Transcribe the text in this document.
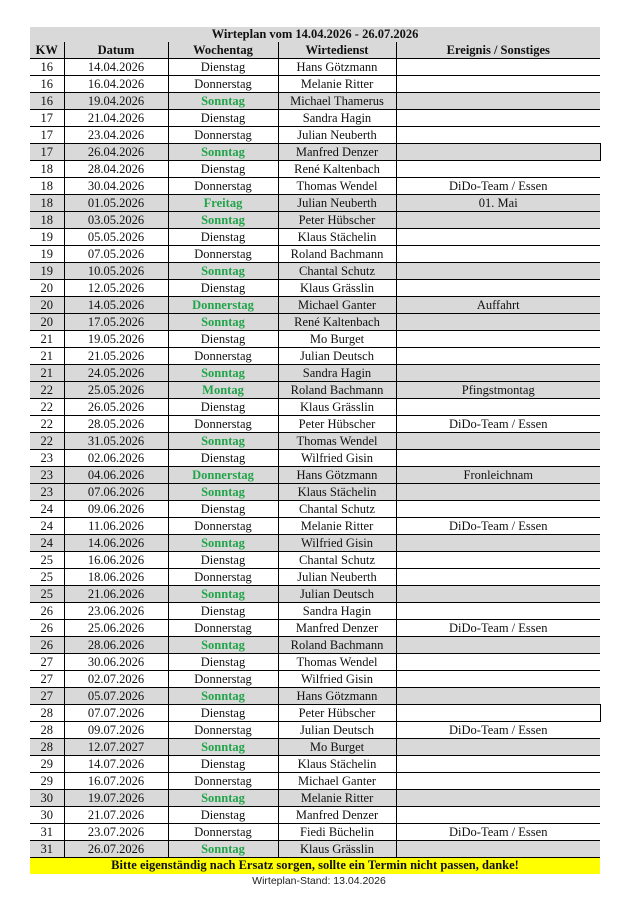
Wirteplan vom 14.04.2026 - 26.07.2026				
KW	Datum	Wochentag	Wirtedienst	Ereignis / Sonstiges
16	14.04.2026	Dienstag	Hans Götzmann	
16	16.04.2026	Donnerstag	Melanie Ritter	
16	19.04.2026	Sonntag	Michael Thamerus	
17	21.04.2026	Dienstag	Sandra Hagin	
17	23.04.2026	Donnerstag	Julian Neuberth	
17	26.04.2026	Sonntag	Manfred Denzer	
18	28.04.2026	Dienstag	René Kaltenbach	
18	30.04.2026	Donnerstag	Thomas Wendel	DiDo-Team / Essen
18	01.05.2026	Freitag	Julian Neuberth	01. Mai
18	03.05.2026	Sonntag	Peter Hübscher	
19	05.05.2026	Dienstag	Klaus Stächelin	
19	07.05.2026	Donnerstag	Roland Bachmann	
19	10.05.2026	Sonntag	Chantal Schutz	
20	12.05.2026	Dienstag	Klaus Grässlin	
20	14.05.2026	Donnerstag	Michael Ganter	Auffahrt
20	17.05.2026	Sonntag	René Kaltenbach	
21	19.05.2026	Dienstag	Mo Burget	
21	21.05.2026	Donnerstag	Julian Deutsch	
21	24.05.2026	Sonntag	Sandra Hagin	
22	25.05.2026	Montag	Roland Bachmann	Pfingstmontag
22	26.05.2026	Dienstag	Klaus Grässlin	
22	28.05.2026	Donnerstag	Peter Hübscher	DiDo-Team / Essen
22	31.05.2026	Sonntag	Thomas Wendel	
23	02.06.2026	Dienstag	Wilfried Gisin	
23	04.06.2026	Donnerstag	Hans Götzmann	Fronleichnam
23	07.06.2026	Sonntag	Klaus Stächelin	
24	09.06.2026	Dienstag	Chantal Schutz	
24	11.06.2026	Donnerstag	Melanie Ritter	DiDo-Team / Essen
24	14.06.2026	Sonntag	Wilfried Gisin	
25	16.06.2026	Dienstag	Chantal Schutz	
25	18.06.2026	Donnerstag	Julian Neuberth	
25	21.06.2026	Sonntag	Julian Deutsch	
26	23.06.2026	Dienstag	Sandra Hagin	
26	25.06.2026	Donnerstag	Manfred Denzer	DiDo-Team / Essen
26	28.06.2026	Sonntag	Roland Bachmann	
27	30.06.2026	Dienstag	Thomas Wendel	
27	02.07.2026	Donnerstag	Wilfried Gisin	
27	05.07.2026	Sonntag	Hans Götzmann	
28	07.07.2026	Dienstag	Peter Hübscher	
28	09.07.2026	Donnerstag	Julian Deutsch	DiDo-Team / Essen
28	12.07.2027	Sonntag	Mo Burget	
29	14.07.2026	Dienstag	Klaus Stächelin	
29	16.07.2026	Donnerstag	Michael Ganter	
30	19.07.2026	Sonntag	Melanie Ritter	
30	21.07.2026	Dienstag	Manfred Denzer	
31	23.07.2026	Donnerstag	Fiedi Büchelin	DiDo-Team / Essen
31	26.07.2026	Sonntag	Klaus Grässlin	
Bitte eigenständig nach Ersatz sorgen, sollte ein Termin nicht passen, danke!
Wirteplan-Stand: 13.04.2026
